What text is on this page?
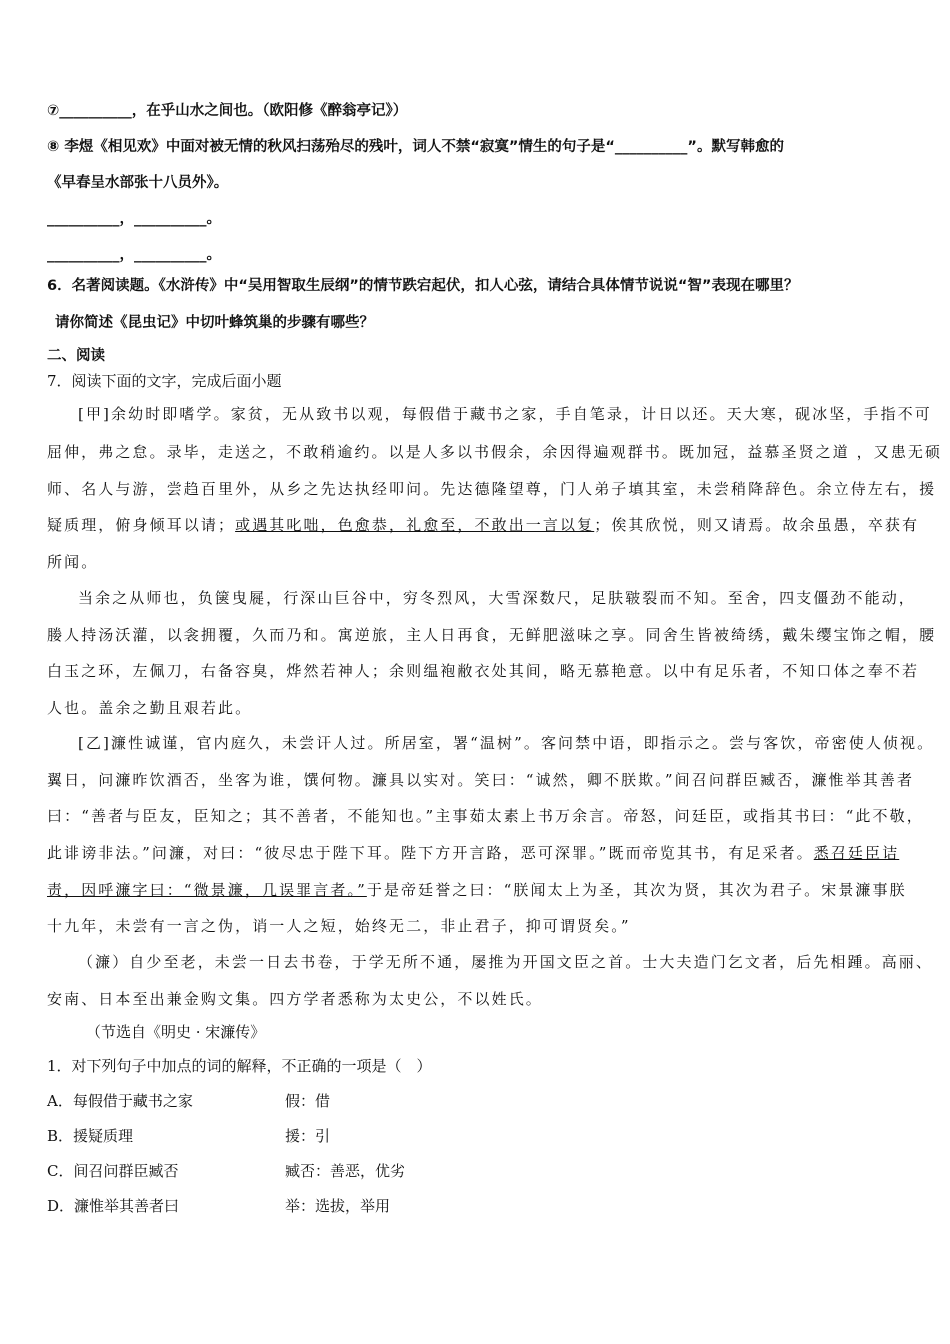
⑦__________，在乎山水之间也。（欧阳修《醉翁亭记》）
⑧ 李煜《相见欢》中面对被无情的秋风扫荡殆尽的残叶，词人不禁“寂寞”情生的句子是“__________”。默写韩愈的
《早春呈水部张十八员外》。
__________，__________。
__________，__________。
6．名著阅读题。《水浒传》中“吴用智取生辰纲”的情节跌宕起伏，扣人心弦，请结合具体情节说说“智”表现在哪里？
请你简述《昆虫记》中切叶蜂筑巢的步骤有哪些？
二、阅读
7．阅读下面的文字，完成后面小题
[甲]余幼时即嗜学。家贫，无从致书以观，每假借于藏书之家，手自笔录，计日以还。天大寒，砚冰坚，手指不可
屈伸，弗之怠。录毕，走送之，不敢稍逾约。以是人多以书假余，余因得遍观群书。既加冠，益慕圣贤之道 ，又患无硕
师、名人与游，尝趋百里外，从乡之先达执经叩问。先达德隆望尊，门人弟子填其室，未尝稍降辞色。余立侍左右，援
疑质理，俯身倾耳以请；或遇其叱咄，色愈恭，礼愈至，不敢出一言以复；俟其欣悦，则又请焉。故余虽愚，卒获有
所闻。
当余之从师也，负箧曳屣，行深山巨谷中，穷冬烈风，大雪深数尺，足肤皲裂而不知。至舍，四支僵劲不能动，
媵人持汤沃灌，以衾拥覆，久而乃和。寓逆旅，主人日再食，无鲜肥滋味之享。同舍生皆被绮绣，戴朱缨宝饰之帽，腰
白玉之环，左佩刀，右备容臭，烨然若神人；余则缊袍敝衣处其间，略无慕艳意。以中有足乐者，不知口体之奉不若
人也。盖余之勤且艰若此。
[乙]濂性诚谨，官内庭久，未尝讦人过。所居室，署“温树”。客问禁中语，即指示之。尝与客饮，帝密使人侦视。
翼日，问濂昨饮酒否，坐客为谁，馔何物。濂具以实对。笑曰：“诚然，卿不朕欺。”间召问群臣臧否，濂惟举其善者
曰：“善者与臣友，臣知之；其不善者，不能知也。”主事茹太素上书万余言。帝怒，问廷臣，或指其书曰：“此不敬，
此诽谤非法。”问濂，对曰：“彼尽忠于陛下耳。陛下方开言路，恶可深罪。”既而帝览其书，有足采者。悉召廷臣诘
责，因呼濂字曰：“微景濂，几误罪言者。”于是帝廷誉之曰：“朕闻太上为圣，其次为贤，其次为君子。宋景濂事朕
十九年，未尝有一言之伪，诮一人之短，始终无二，非止君子，抑可谓贤矣。”
（濂）自少至老，未尝一日去书卷，于学无所不通，屡推为开国文臣之首。士大夫造门乞文者，后先相踵。高丽、
安南、日本至出兼金购文集。四方学者悉称为太史公，不以姓氏。
（节选自《明史 · 宋濂传》
1．对下列句子中加点的词的解释，不正确的一项是（　）
A．每假借于藏书之家	假：借
B．援疑质理	援：引
C．间召问群臣臧否	臧否：善恶，优劣
D．濂惟举其善者曰	举：选拔，举用
